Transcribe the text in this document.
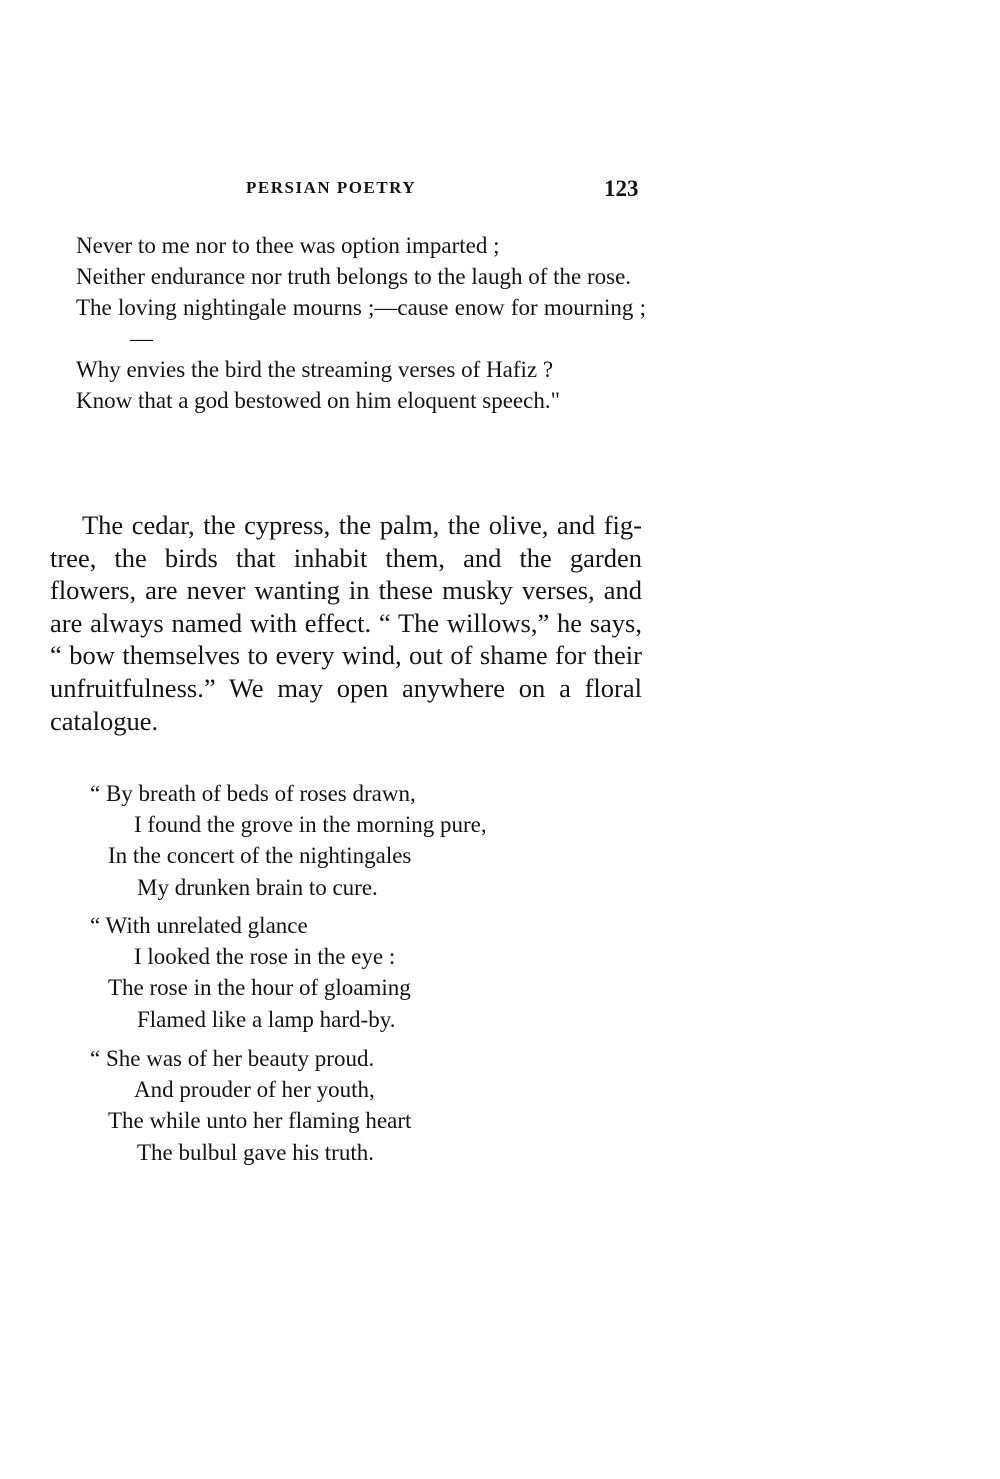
PERSIAN POETRY	123
Never to me nor to thee was option imparted ;
Neither endurance nor truth belongs to the laugh of the rose.
The loving nightingale mourns ;—cause enow for mourning ;—
Why envies the bird the streaming verses of Hafiz ?
Know that a god bestowed on him eloquent speech."

The cedar, the cypress, the palm, the olive, and fig-tree, the birds that inhabit them, and the garden flowers, are never wanting in these musky verses, and are always named with effect. “ The willows,” he says, “ bow themselves to every wind, out of shame for their unfruitfulness.” We may open anywhere on a floral catalogue.

“ By breath of beds of roses drawn,
I found the grove in the morning pure,
In the concert of the nightingales
My drunken brain to cure.
“ With unrelated glance
I looked the rose in the eye :
The rose in the hour of gloaming
Flamed like a lamp hard-by.
“ She was of her beauty proud.
And prouder of her youth,
The while unto her flaming heart
The bulbul gave his truth.
